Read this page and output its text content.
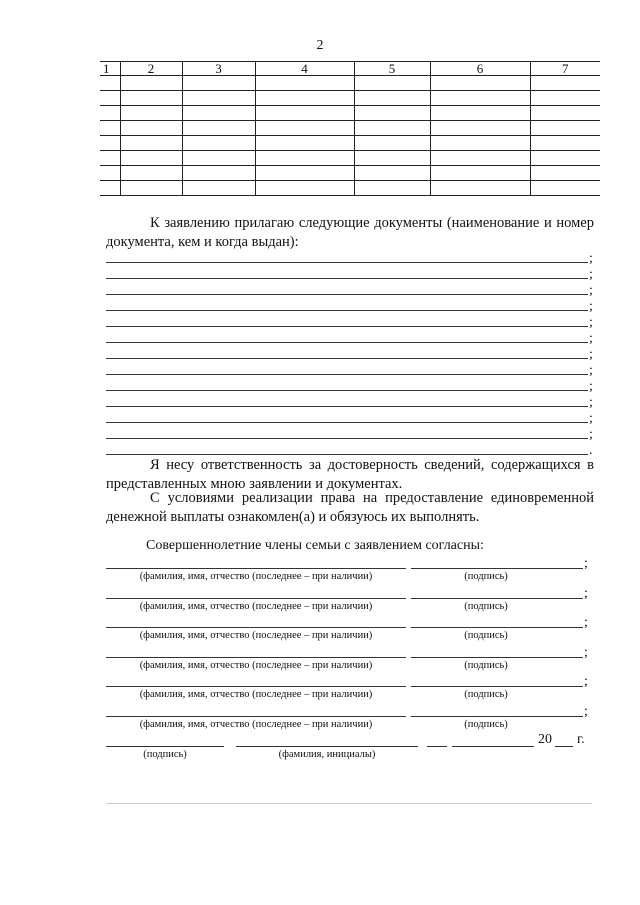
2
1	2	3	4	5	6	7

К заявлению прилагаю следующие документы (наименование и номер документа, кем и когда выдан):
;
;
;
;
;
;
;
;
;
;
;
;
.
Я несу ответственность за достоверность сведений, содержащихся в представленных мною заявлении и документах.
С условиями реализации права на предоставление единовременной денежной выплаты ознакомлен(а) и обязуюсь их выполнять.
Совершеннолетние члены семьи с заявлением согласны:
;
(фамилия, имя, отчество (последнее – при наличии)	(подпись)
;
(фамилия, имя, отчество (последнее – при наличии)	(подпись)
;
(фамилия, имя, отчество (последнее – при наличии)	(подпись)
;
(фамилия, имя, отчество (последнее – при наличии)	(подпись)
;
(фамилия, имя, отчество (последнее – при наличии)	(подпись)
;
(фамилия, имя, отчество (последнее – при наличии)	(подпись)
20 г.
(подпись)	(фамилия, инициалы)
